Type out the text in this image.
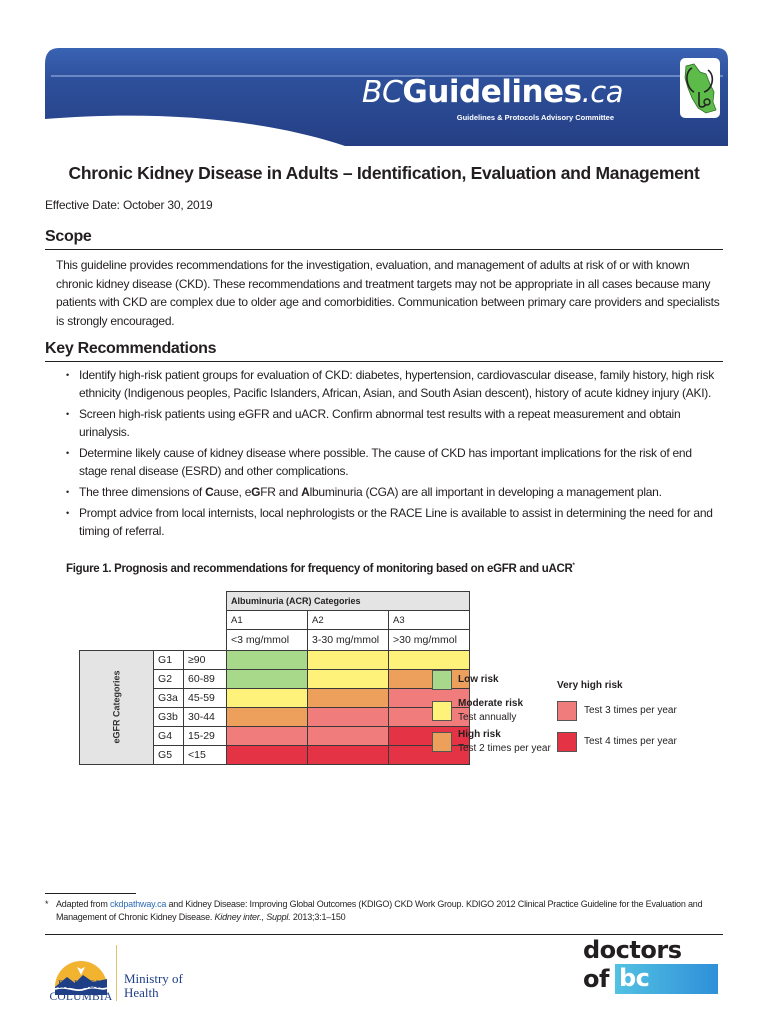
BCGuidelines.ca
Guidelines & Protocols Advisory Committee
Chronic Kidney Disease in Adults – Identification, Evaluation and Management
Effective Date: October 30, 2019
Scope

This guideline provides recommendations for the investigation, evaluation, and management of adults at risk of or with known chronic kidney disease (CKD). These recommendations and treatment targets may not be appropriate in all cases because many patients with CKD are complex due to older age and comorbidities. Communication between primary care providers and specialists is strongly encouraged.

Key Recommendations
• Identify high-risk patient groups for evaluation of CKD: diabetes, hypertension, cardiovascular disease, family history, high risk ethnicity (Indigenous peoples, Pacific Islanders, African, Asian, and South Asian descent), history of acute kidney injury (AKI).
• Screen high-risk patients using eGFR and uACR. Confirm abnormal test results with a repeat measurement and obtain urinalysis.
• Determine likely cause of kidney disease where possible. The cause of CKD has important implications for the risk of end stage renal disease (ESRD) and other complications.
• The three dimensions of Cause, eGFR and Albuminuria (CGA) are all important in developing a management plan.
• Prompt advice from local internists, local nephrologists or the RACE Line is available to assist in determining the need for and timing of referral.
Figure 1. Prognosis and recommendations for frequency of monitoring based on eGFR and uACR*
			Albuminuria (ACR) Categories		
			A1	A2	A3
			<3 mg/mmol	3-30 mg/mmol	>30 mg/mmol
eGFR Categories	G1	≥90			
	G2	60-89			
	G3a	45-59			
	G3b	30-44			
	G4	15-29			
	G5	<15			
Low risk
Moderate risk
Test annually
High risk
Test 2 times per year
Very high risk
Test 3 times per year
Test 4 times per year
* Adapted from ckdpathway.ca and Kidney Disease: Improving Global Outcomes (KDIGO) CKD Work Group. KDIGO 2012 Clinical Practice Guideline for the Evaluation and Management of Chronic Kidney Disease. Kidney inter., Suppl. 2013;3:1–150
BRITISH
COLUMBIA
Ministry of
Health
doctors
of bc
